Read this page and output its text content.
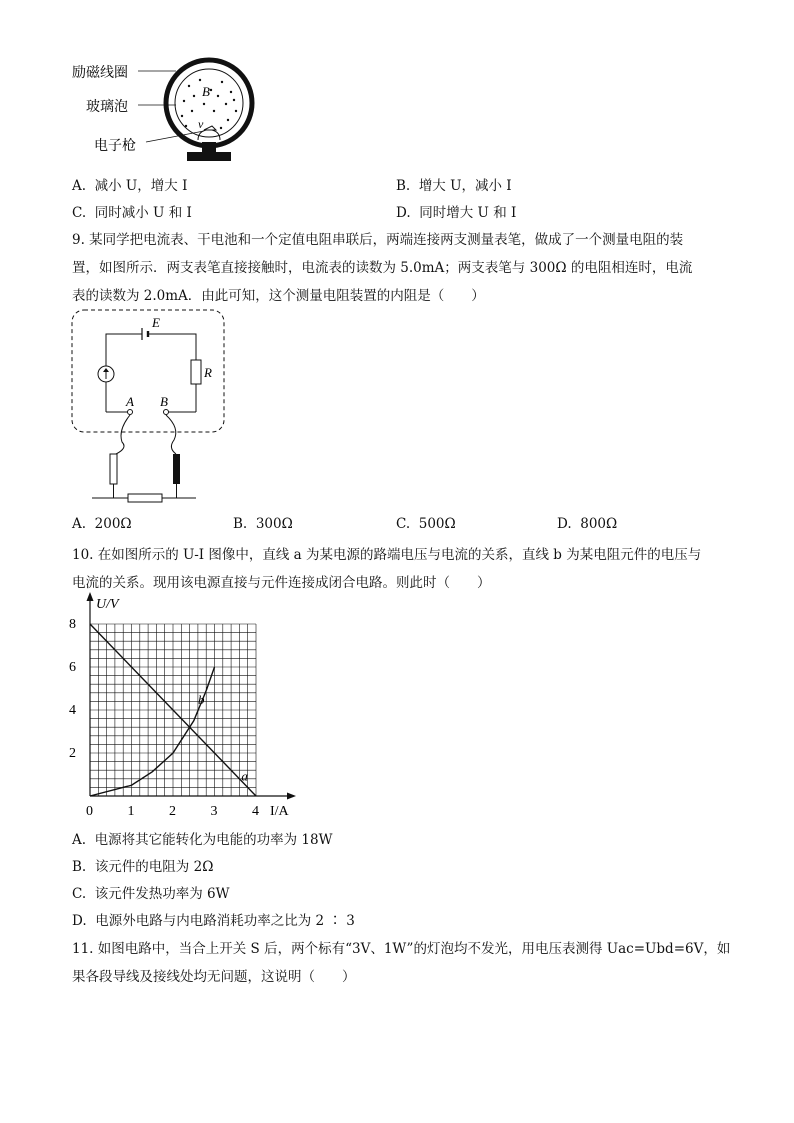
励磁线圈
玻璃泡
电子枪
B
v
A. 减小 U，增大 I	B. 增大 U，减小 I
C. 同时减小 U 和 I	D. 同时增大 U 和 I
9. 某同学把电流表、干电池和一个定值电阻串联后，两端连接两支测量表笔，做成了一个测量电阻的装
置，如图所示．两支表笔直接接触时，电流表的读数为 5.0mA；两支表笔与 300Ω 的电阻相连时，电流
表的读数为 2.0mA．由此可知，这个测量电阻装置的内阻是（　　）
E
R
A B
A. 200Ω	B. 300Ω	C. 500Ω	D. 800Ω
10. 在如图所示的 U-I 图像中，直线 a 为某电源的路端电压与电流的关系，直线 b 为某电阻元件的电压与
电流的关系。现用该电源直接与元件连接成闭合电路。则此时（　　）
0 1 2 3 4
2
4
6
8
U/V
I/A
a
b
A. 电源将其它能转化为电能的功率为 18W
B. 该元件的电阻为 2Ω
C. 该元件发热功率为 6W
D. 电源外电路与内电路消耗功率之比为 2 ∶ 3
11. 如图电路中，当合上开关 S 后，两个标有“3V、1W”的灯泡均不发光，用电压表测得 Uac=Ubd=6V，如
果各段导线及接线处均无问题，这说明（　　）
